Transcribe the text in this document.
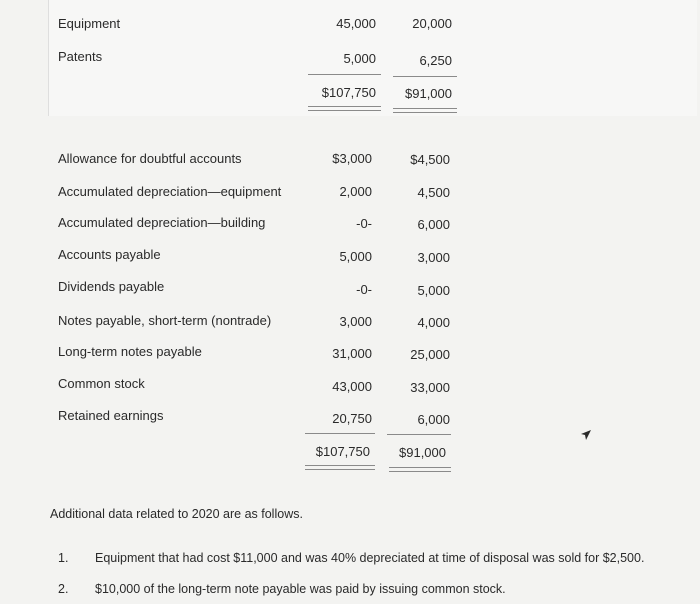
Equipment	45,000	20,000
Patents	5,000	6,250
$107,750 $91,000
Allowance for doubtful accounts	$3,000	$4,500
Accumulated depreciation—equipment	2,000	4,500
Accumulated depreciation—building	-0-	6,000
Accounts payable	5,000	3,000
Dividends payable	-0-	5,000
Notes payable, short-term (nontrade)	3,000	4,000
Long-term notes payable	31,000	25,000
Common stock	43,000	33,000
Retained earnings	20,750	6,000
$107,750 $91,000
Additional data related to 2020 are as follows.
1. Equipment that had cost $11,000 and was 40% depreciated at time of disposal was sold for $2,500.
2. $10,000 of the long-term note payable was paid by issuing common stock.
